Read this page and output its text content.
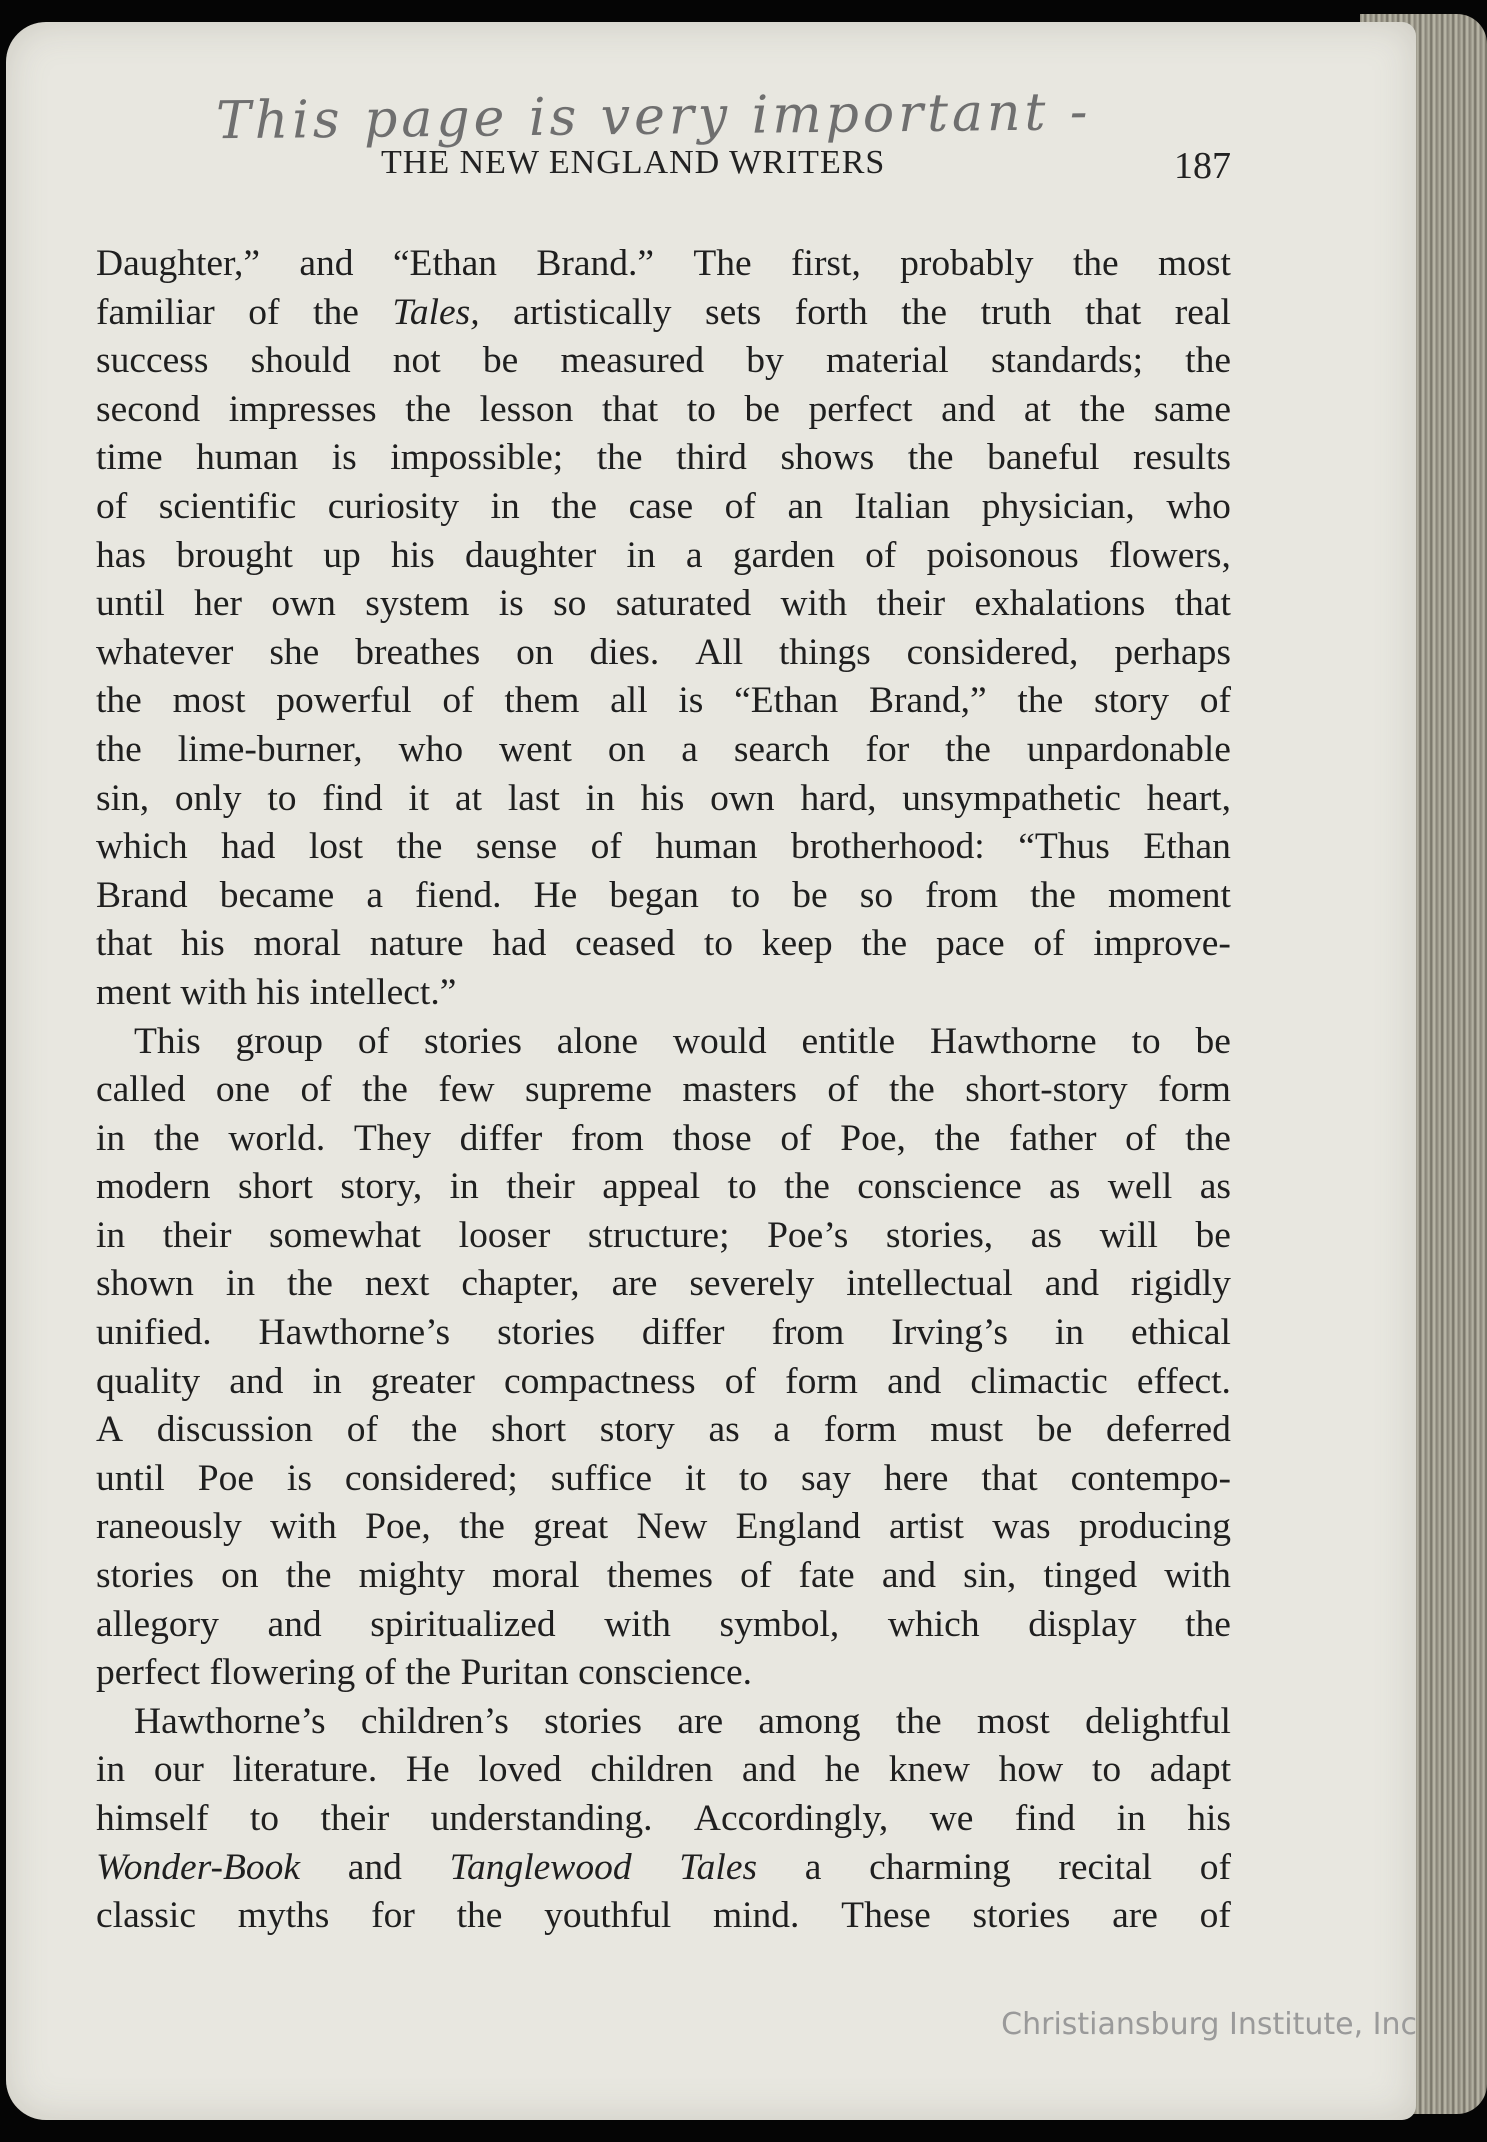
This page is very important -
THE NEW ENGLAND WRITERS	187
Daughter,” and “Ethan Brand.” The first, probably the most
familiar of the Tales, artistically sets forth the truth that real
success should not be measured by material standards; the
second impresses the lesson that to be perfect and at the same
time human is impossible; the third shows the baneful results
of scientific curiosity in the case of an Italian physician, who
has brought up his daughter in a garden of poisonous flowers,
until her own system is so saturated with their exhalations that
whatever she breathes on dies. All things considered, perhaps
the most powerful of them all is “Ethan Brand,” the story of
the lime-burner, who went on a search for the unpardonable
sin, only to find it at last in his own hard, unsympathetic heart,
which had lost the sense of human brotherhood: “Thus Ethan
Brand became a fiend. He began to be so from the moment
that his moral nature had ceased to keep the pace of improve-
ment with his intellect.”
This group of stories alone would entitle Hawthorne to be
called one of the few supreme masters of the short-story form
in the world. They differ from those of Poe, the father of the
modern short story, in their appeal to the conscience as well as
in their somewhat looser structure; Poe’s stories, as will be
shown in the next chapter, are severely intellectual and rigidly
unified. Hawthorne’s stories differ from Irving’s in ethical
quality and in greater compactness of form and climactic effect.
A discussion of the short story as a form must be deferred
until Poe is considered; suffice it to say here that contempo-
raneously with Poe, the great New England artist was producing
stories on the mighty moral themes of fate and sin, tinged with
allegory and spiritualized with symbol, which display the
perfect flowering of the Puritan conscience.
Hawthorne’s children’s stories are among the most delightful
in our literature. He loved children and he knew how to adapt
himself to their understanding. Accordingly, we find in his
Wonder-Book and Tanglewood Tales a charming recital of
classic myths for the youthful mind. These stories are of
Christiansburg Institute, Inc
